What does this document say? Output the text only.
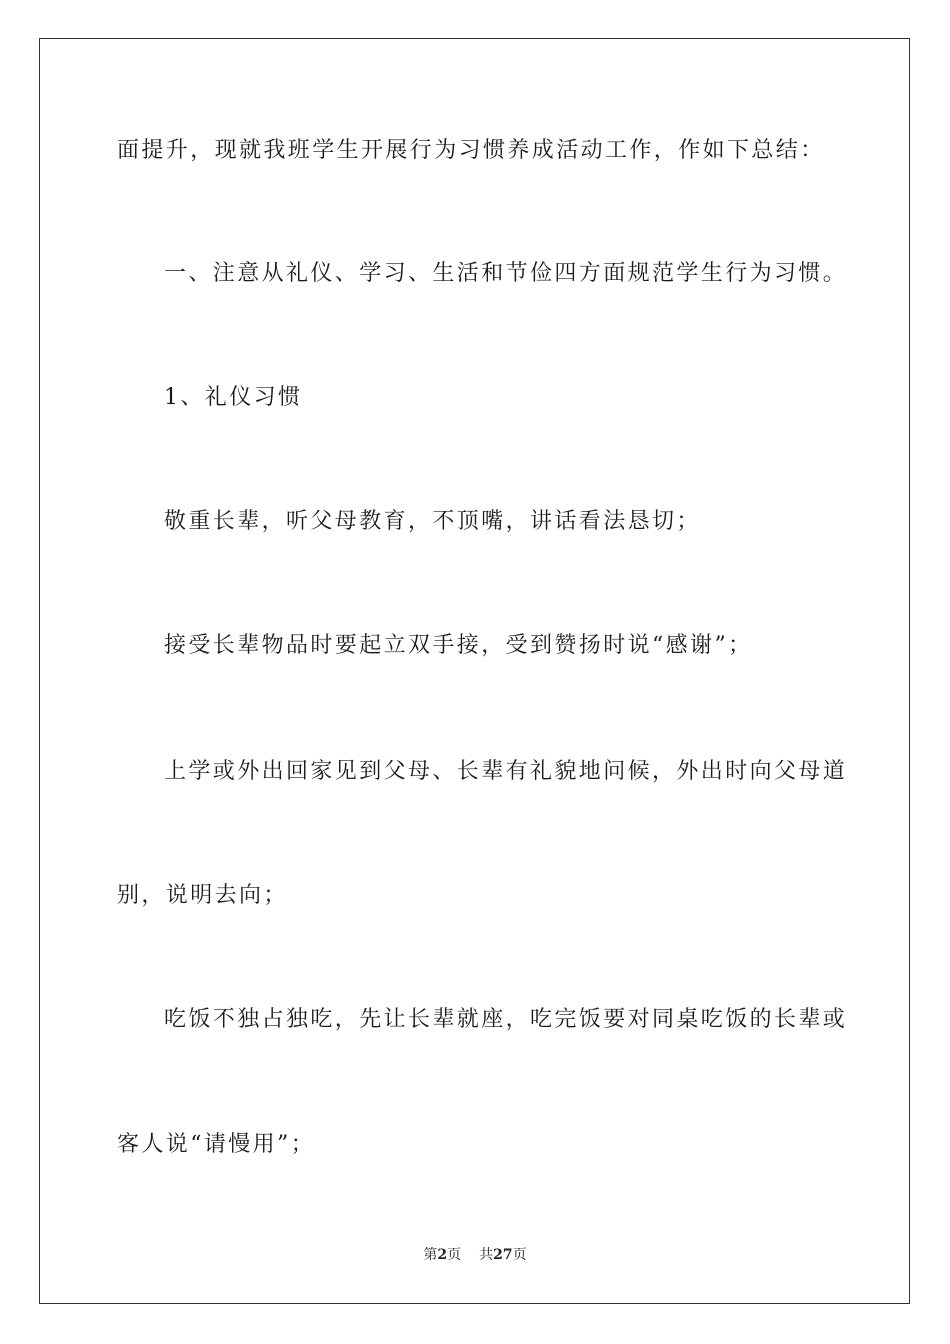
面提升，现就我班学生开展行为习惯养成活动工作，作如下总结：
一、注意从礼仪、学习、生活和节俭四方面规范学生行为习惯。
1、礼仪习惯
敬重长辈，听父母教育，不顶嘴，讲话看法恳切；
接受长辈物品时要起立双手接，受到赞扬时说“感谢”；
上学或外出回家见到父母、长辈有礼貌地问候，外出时向父母道
别，说明去向；
吃饭不独占独吃，先让长辈就座，吃完饭要对同桌吃饭的长辈或
客人说“请慢用”；
第2页 共27页
